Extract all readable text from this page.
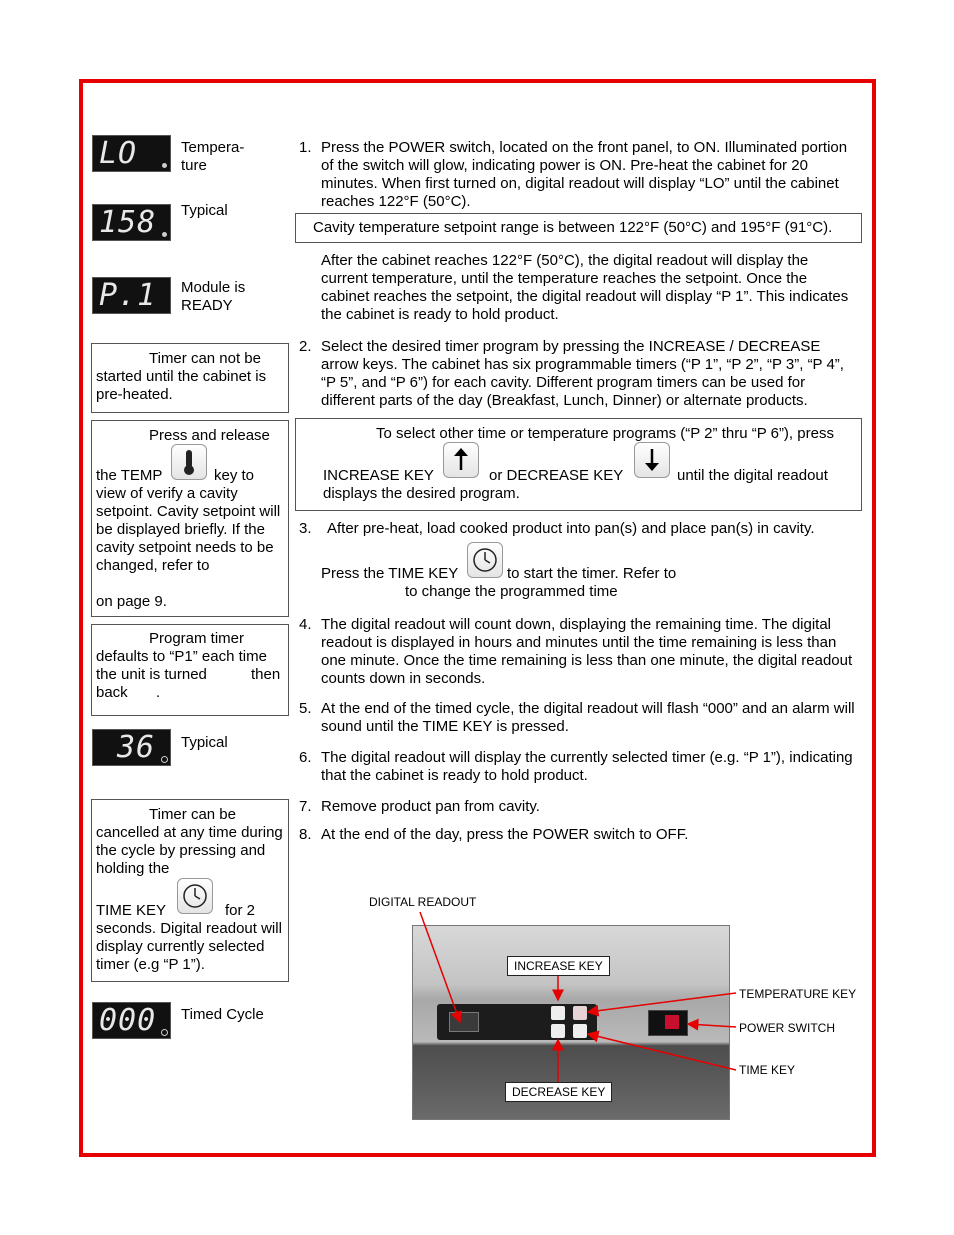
LO	Tempera-
ture
158	Typical
P.1	Module is
READY
Timer can not be started until the cabinet is pre-heated.
Press and release
the TEMP	key to
view of verify a cavity setpoint. Cavity setpoint will be displayed briefly. If the cavity setpoint needs to be changed, refer to
on page 9.
Program timer
defaults to “P1” each time
the unit is turned	then
back .
36	Typical
Timer can be
cancelled at any time during the cycle by pressing and holding the
TIME KEY	for 2
seconds. Digital readout will display currently selected timer (e.g “P 1”).
000	Timed Cycle
1. Press the POWER switch, located on the front panel, to ON. Illuminated portion of the switch will glow, indicating power is ON. Pre-heat the cabinet for 20 minutes. When first turned on, digital readout will display “LO” until the cabinet reaches 122°F (50°C).
Cavity temperature setpoint range is between 122°F (50°C) and 195°F (91°C).
After the cabinet reaches 122°F (50°C), the digital readout will display the current temperature, until the temperature reaches the setpoint. Once the cabinet reaches the setpoint, the digital readout will display “P 1”. This indicates the cabinet is ready to hold product.
2. Select the desired timer program by pressing the INCREASE / DECREASE arrow keys. The cabinet has six programmable timers (“P 1”, “P 2”, “P 3”, “P 4”, “P 5”, and “P 6”) for each cavity. Different program timers can be used for different parts of the day (Breakfast, Lunch, Dinner) or alternate products.
To select other time or temperature programs (“P 2” thru “P 6”), press
INCREASE KEY	or DECREASE KEY	until the digital readout
displays the desired program.
3. After pre-heat, load cooked product into pan(s) and place pan(s) in cavity.
Press the TIME KEY	to start the timer. Refer to
to change the programmed time
4. The digital readout will count down, displaying the remaining time. The digital readout is displayed in hours and minutes until the time remaining is less than one minute. Once the time remaining is less than one minute, the digital readout counts down in seconds.
5. At the end of the timed cycle, the digital readout will flash “000” and an alarm will sound until the TIME KEY is pressed.
6. The digital readout will display the currently selected timer (e.g. “P 1”), indicating that the cabinet is ready to hold product.
7. Remove product pan from cavity.
8. At the end of the day, press the POWER switch to OFF.
DIGITAL READOUT
INCREASE KEY
TEMPERATURE KEY
POWER SWITCH
TIME KEY
DECREASE KEY
